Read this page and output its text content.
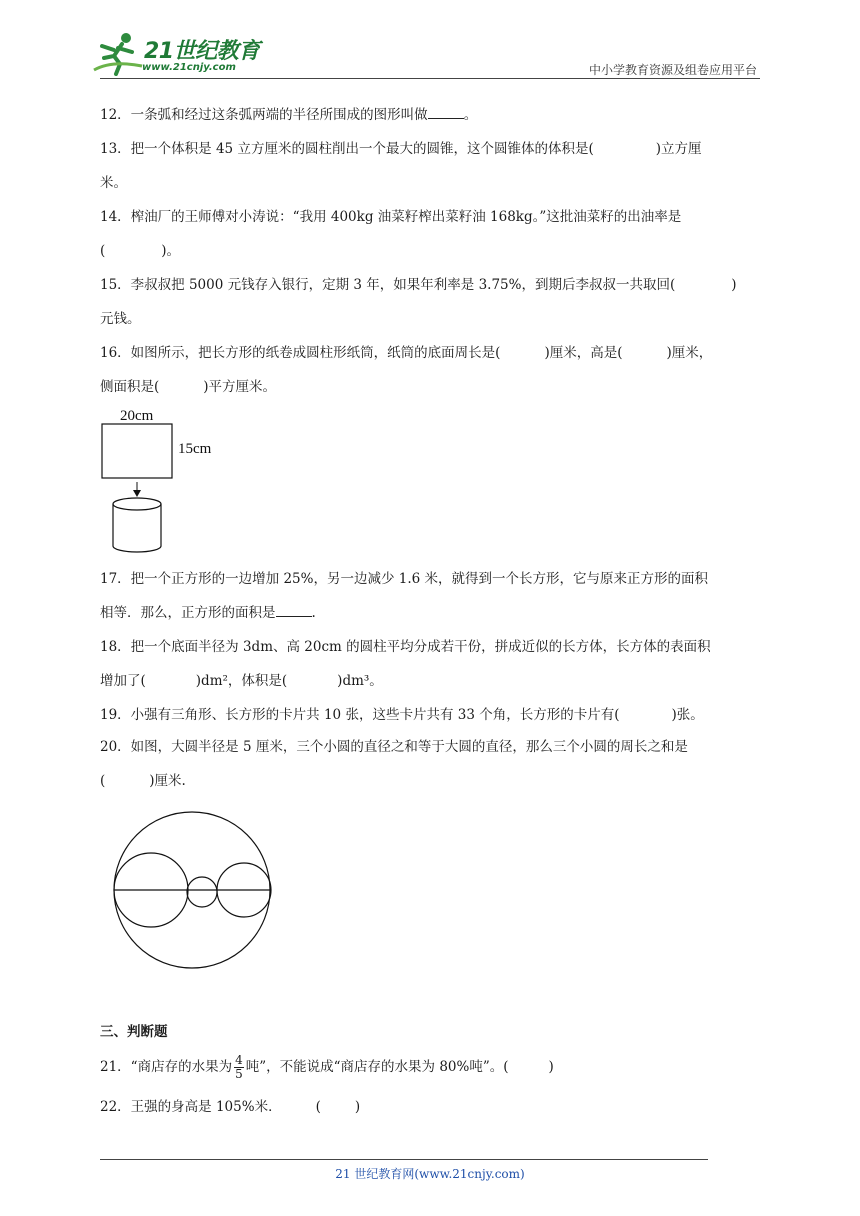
21世纪教育
www.21cnjy.com	中小学教育资源及组卷应用平台
12．一条弧和经过这条弧两端的半径所围成的图形叫做	。
13．把一个体积是 45 立方厘米的圆柱削出一个最大的圆锥，这个圆锥体的体积是(	)立方厘
米。
14．榨油厂的王师傅对小涛说：“我用 400kg 油菜籽榨出菜籽油 168kg。”这批油菜籽的出油率是
(	)。
15．李叔叔把 5000 元钱存入银行，定期 3 年，如果年利率是 3.75%，到期后李叔叔一共取回(	)
元钱。
16．如图所示，把长方形的纸卷成圆柱形纸筒，纸筒的底面周长是(	)厘米，高是(	)厘米，
侧面积是(	)平方厘米。
20cm
15cm
17．把一个正方形的一边增加 25%，另一边减少 1.6 米，就得到一个长方形，它与原来正方形的面积
相等．那么，正方形的面积是	.
18．把一个底面半径为 3dm、高 20cm 的圆柱平均分成若干份，拼成近似的长方体，长方体的表面积
增加了(	)dm²，体积是(	)dm³。
19．小强有三角形、长方形的卡片共 10 张，这些卡片共有 33 个角，长方形的卡片有(	)张。
20．如图，大圆半径是 5 厘米，三个小圆的直径之和等于大圆的直径，那么三个小圆的周长之和是
(	)厘米.
三、判断题
21．“商店存的水果为 $\frac{4}{5}$ 吨”，不能说成“商店存的水果为 80%吨”。(	)
22．王强的身高是 105%米．	(	)
21 世纪教育网(www.21cnjy.com)
